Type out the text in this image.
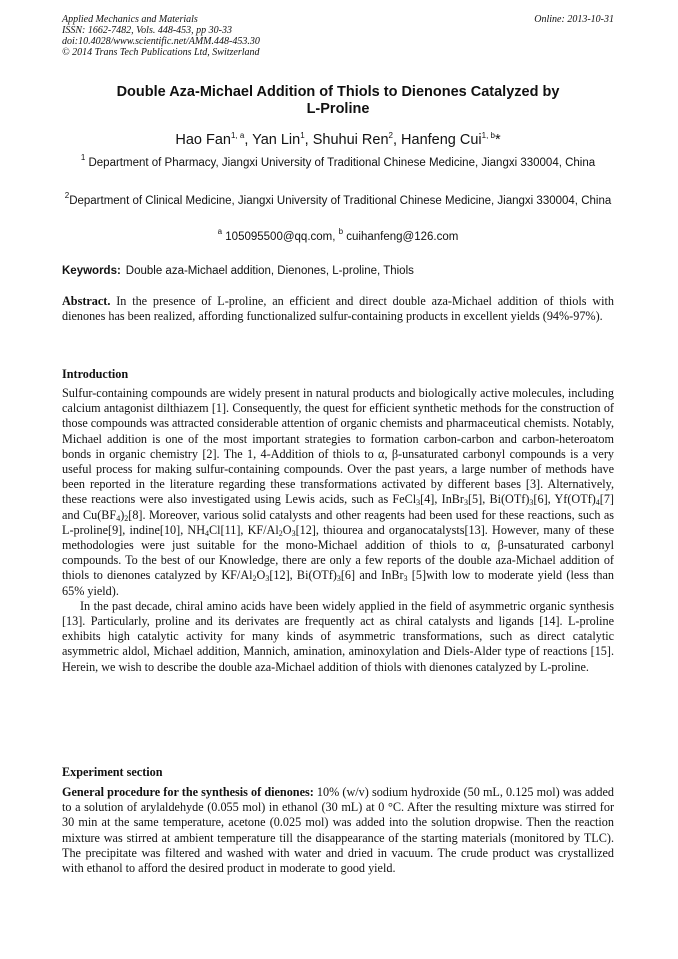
Applied Mechanics and Materials	Online: 2013-10-31
ISSN: 1662-7482, Vols. 448-453, pp 30-33
doi:10.4028/www.scientific.net/AMM.448-453.30
© 2014 Trans Tech Publications Ltd, Switzerland
Double Aza-Michael Addition of Thiols to Dienones Catalyzed by
L-Proline
Hao Fan$^{1, a}$, Yan Lin$^1$, Shuhui Ren$^2$, Hanfeng Cui$^{1, b}$*
$^1$ Department of Pharmacy, Jiangxi University of Traditional Chinese Medicine, Jiangxi 330004, China
$^2$Department of Clinical Medicine, Jiangxi University of Traditional Chinese Medicine, Jiangxi 330004, China
$^a$ 105095500@qq.com, $^b$ cuihanfeng@126.com
Keywords: Double aza-Michael addition, Dienones, L-proline, Thiols
Abstract. In the presence of L-proline, an efficient and direct double aza-Michael addition of thiols with dienones has been realized, affording functionalized sulfur-containing products in excellent yields (94%-97%).
Introduction

Sulfur-containing compounds are widely present in natural products and biologically active molecules, including calcium antagonist dilthiazem [1]. Consequently, the quest for efficient synthetic methods for the construction of those compounds was attracted considerable attention of organic chemists and pharmaceutical chemists. Notably, Michael addition is one of the most important strategies to formation carbon-carbon and carbon-heteroatom bonds in organic chemistry [2]. The 1, 4-Addition of thiols to α, β-unsaturated carbonyl compounds is a very useful process for making sulfur-containing compounds. Over the past years, a large number of methods have been reported in the literature regarding these transformations activated by different bases [3]. Alternatively, these reactions were also investigated using Lewis acids, such as FeCl$_3$[4], InBr$_3$[5], $Bi(OTf)_3[6]$, $Yf(OTf)_4[7]$ and $Cu(BF_4)_2[8]$. Moreover, various solid catalysts and other reagents had been used for these reactions, such as L-proline[9], indine[10], $NH_4Cl[11]$, $KF/Al_2O_3[12]$, thiourea and organocatalysts[13]. However, many of these methodologies were just suitable for the mono-Michael addition of thiols to α, β-unsaturated carbonyl compounds. To the best of our Knowledge, there are only a few reports of the double aza-Michael addition of thiols to dienones catalyzed by $KF/Al_2O_3[12]$, $Bi(OTf)_3[6]$ and InBr$_3$ [5]with low to moderate yield (less than 65% yield).

In the past decade, chiral amino acids have been widely applied in the field of asymmetric organic synthesis [13]. Particularly, proline and its derivates are frequently act as chiral catalysts and ligands [14]. L-proline exhibits high catalytic activity for many kinds of asymmetric transformations, such as direct catalytic asymmetric aldol, Michael addition, Mannich, amination, aminoxylation and Diels-Alder type of reactions [15]. Herein, we wish to describe the double aza-Michael addition of thiols with dienones catalyzed by L-proline.

Experiment section

General procedure for the synthesis of dienones: 10% (w/v) sodium hydroxide (50 mL, 0.125 mol) was added to a solution of arylaldehyde (0.055 mol) in ethanol (30 mL) at 0 °C. After the resulting mixture was stirred for 30 min at the same temperature, acetone (0.025 mol) was added into the solution dropwise. Then the reaction mixture was stirred at ambient temperature till the disappearance of the starting materials (monitored by TLC). The precipitate was filtered and washed with water and dried in vacuum. The crude product was crystallized with ethanol to afford the desired product in moderate to good yield.
